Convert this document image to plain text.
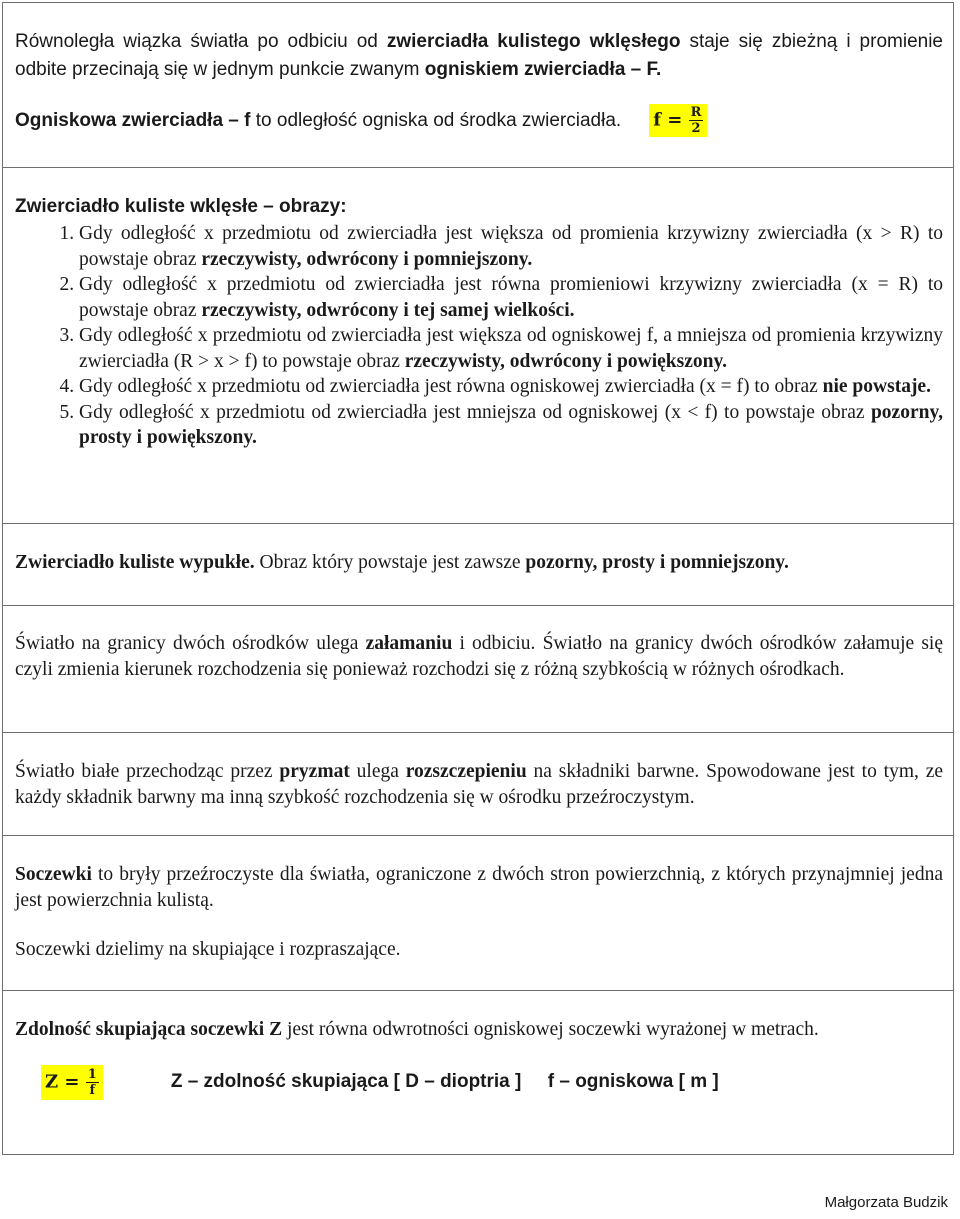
Równoległa wiązka światła po odbiciu od zwierciadła kulistego wklęsłego staje się zbieżną i promienie odbite przecinają się w jednym punkcie zwanym ogniskiem zwierciadła – F.

Ogniskowa zwierciadła – f to odległość ogniska od środka zwierciadła. $f = \frac{R}{2}$
Zwierciadło kuliste wklęsłe – obrazy:
1. Gdy odległość x przedmiotu od zwierciadła jest większa od promienia krzywizny zwierciadła (x > R) to powstaje obraz rzeczywisty, odwrócony i pomniejszony.
2. Gdy odległość x przedmiotu od zwierciadła jest równa promieniowi krzywizny zwierciadła (x = R) to powstaje obraz rzeczywisty, odwrócony i tej samej wielkości.
3. Gdy odległość x przedmiotu od zwierciadła jest większa od ogniskowej f, a mniejsza od promienia krzywizny zwierciadła (R > x > f) to powstaje obraz rzeczywisty, odwrócony i powiększony.
4. Gdy odległość x przedmiotu od zwierciadła jest równa ogniskowej zwierciadła (x = f) to obraz nie powstaje.
5. Gdy odległość x przedmiotu od zwierciadła jest mniejsza od ogniskowej (x < f) to powstaje obraz pozorny, prosty i powiększony.

Zwierciadło kuliste wypukłe. Obraz który powstaje jest zawsze pozorny, prosty i pomniejszony.

Światło na granicy dwóch ośrodków ulega załamaniu i odbiciu. Światło na granicy dwóch ośrodków załamuje się czyli zmienia kierunek rozchodzenia się ponieważ rozchodzi się z różną szybkością w różnych ośrodkach.

Światło białe przechodząc przez pryzmat ulega rozszczepieniu na składniki barwne. Spowodowane jest to tym, ze każdy składnik barwny ma inną szybkość rozchodzenia się w ośrodku przeźroczystym.

Soczewki to bryły przeźroczyste dla światła, ograniczone z dwóch stron powierzchnią, z których przynajmniej jedna jest powierzchnia kulistą.

Soczewki dzielimy na skupiające i rozpraszające.

Zdolność skupiająca soczewki Z jest równa odwrotności ogniskowej soczewki wyrażonej w metrach.

$Z = \frac{1}{f}$	Z – zdolność skupiająca [ D – dioptria ]     f – ogniskowa [ m ]
Małgorzata Budzik
